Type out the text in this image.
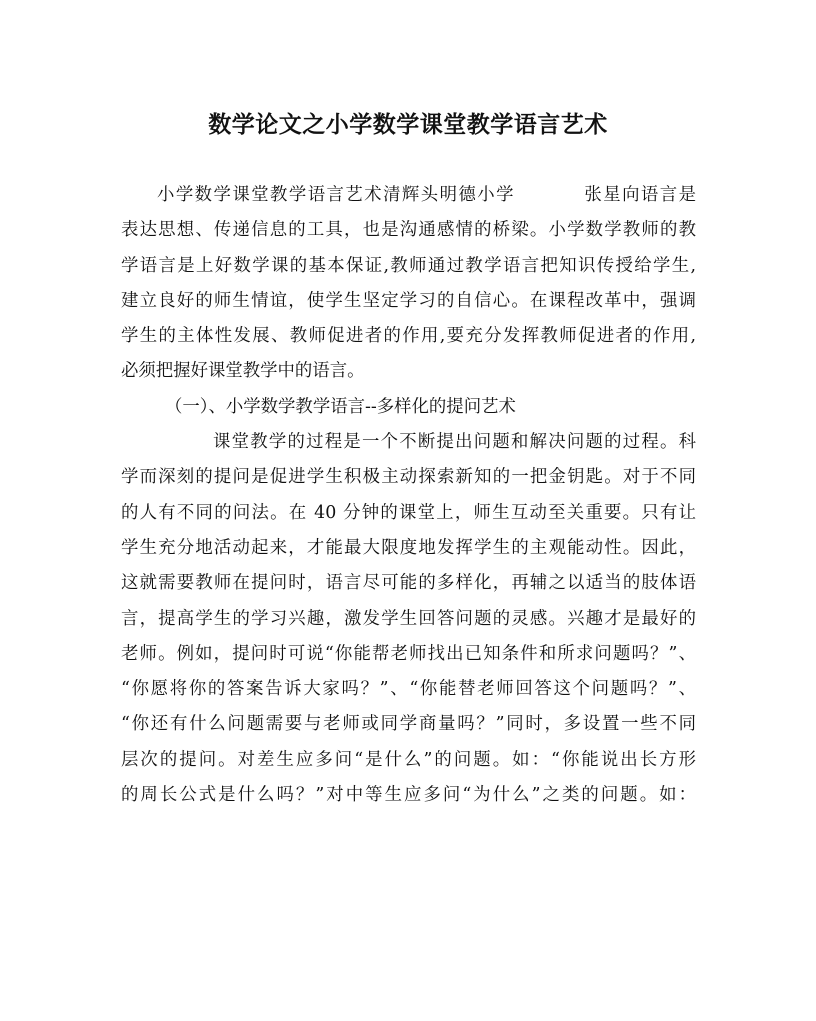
数学论文之小学数学课堂教学语言艺术
小学数学课堂教学语言艺术清辉头明德小学	张星向语言是
表达思想、传递信息的工具，也是沟通感情的桥梁。小学数学教师的教
学语言是上好数学课的基本保证,教师通过教学语言把知识传授给学生,
建立良好的师生情谊，使学生坚定学习的自信心。在课程改革中，强调
学生的主体性发展、教师促进者的作用,要充分发挥教师促进者的作用,
必须把握好课堂教学中的语言。
（一）、小学数学教学语言--多样化的提问艺术
课堂教学的过程是一个不断提出问题和解决问题的过程。科
学而深刻的提问是促进学生积极主动探索新知的一把金钥匙。对于不同
的人有不同的问法。在 40 分钟的课堂上，师生互动至关重要。只有让
学生充分地活动起来，才能最大限度地发挥学生的主观能动性。因此，
这就需要教师在提问时，语言尽可能的多样化，再辅之以适当的肢体语
言，提高学生的学习兴趣，激发学生回答问题的灵感。兴趣才是最好的
老师。例如，提问时可说“你能帮老师找出已知条件和所求问题吗？”、
“你愿将你的答案告诉大家吗？”、“你能替老师回答这个问题吗？”、
“你还有什么问题需要与老师或同学商量吗？”同时，多设置一些不同
层次的提问。对差生应多问“是什么”的问题。如：“你能说出长方形
的周长公式是什么吗？”对中等生应多问“为什么”之类的问题。如：
